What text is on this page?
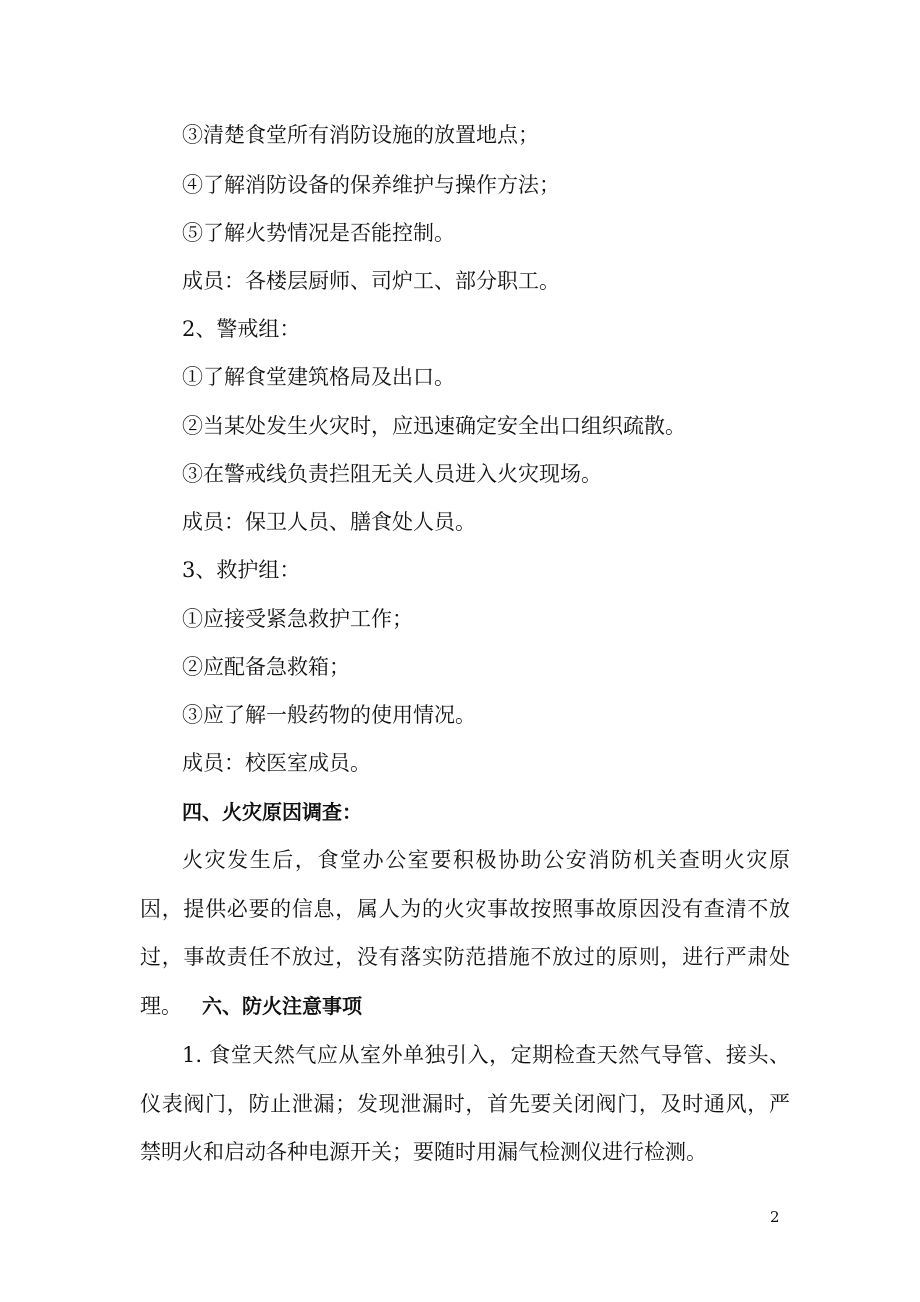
③清楚食堂所有消防设施的放置地点；
④了解消防设备的保养维护与操作方法；
⑤了解火势情况是否能控制。
成员：各楼层厨师、司炉工、部分职工。
2、警戒组：
①了解食堂建筑格局及出口。
②当某处发生火灾时，应迅速确定安全出口组织疏散。
③在警戒线负责拦阻无关人员进入火灾现场。
成员：保卫人员、膳食处人员。
3、救护组：
①应接受紧急救护工作；
②应配备急救箱；
③应了解一般药物的使用情况。
成员：校医室成员。
四、火灾原因调查：
火灾发生后，食堂办公室要积极协助公安消防机关查明火灾原因，提供必要的信息，属人为的火灾事故按照事故原因没有查清不放过，事故责任不放过，没有落实防范措施不放过的原则，进行严肃处理。	六、防火注意事项
1. 食堂天然气应从室外单独引入，定期检查天然气导管、接头、仪表阀门，防止泄漏；发现泄漏时，首先要关闭阀门，及时通风，严禁明火和启动各种电源开关；要随时用漏气检测仪进行检测。
2
